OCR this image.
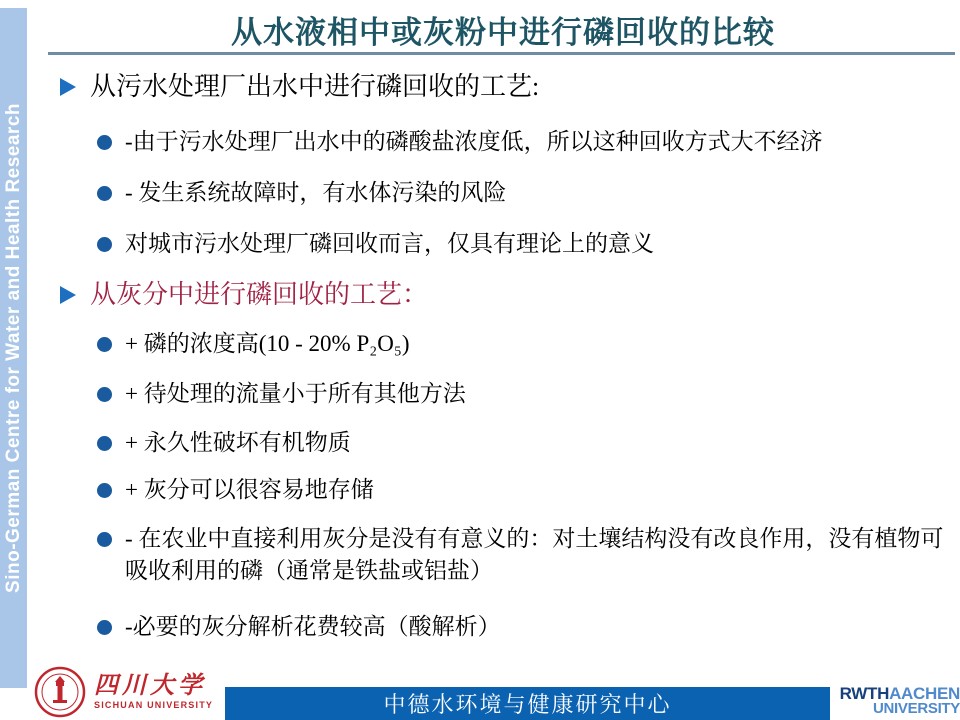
Sino-German Centre for Water and Health Research
从水液相中或灰粉中进行磷回收的比较
从污水处理厂出水中进行磷回收的工艺:
-由于污水处理厂出水中的磷酸盐浓度低，所以这种回收方式大不经济
- 发生系统故障时，有水体污染的风险
对城市污水处理厂磷回收而言，仅具有理论上的意义
从灰分中进行磷回收的工艺：
+ 磷的浓度高(10 - 20% P₂O₅)
+ 待处理的流量小于所有其他方法
+ 永久性破坏有机物质
+ 灰分可以很容易地存储
- 在农业中直接利用灰分是没有有意义的：对土壤结构没有改良作用，没有植物可吸收利用的磷（通常是铁盐或铝盐）
-必要的灰分解析花费较高（酸解析）
四川大学
SICHUAN UNIVERSITY	中德水环境与健康研究中心	RWTHAACHEN
UNIVERSITY
